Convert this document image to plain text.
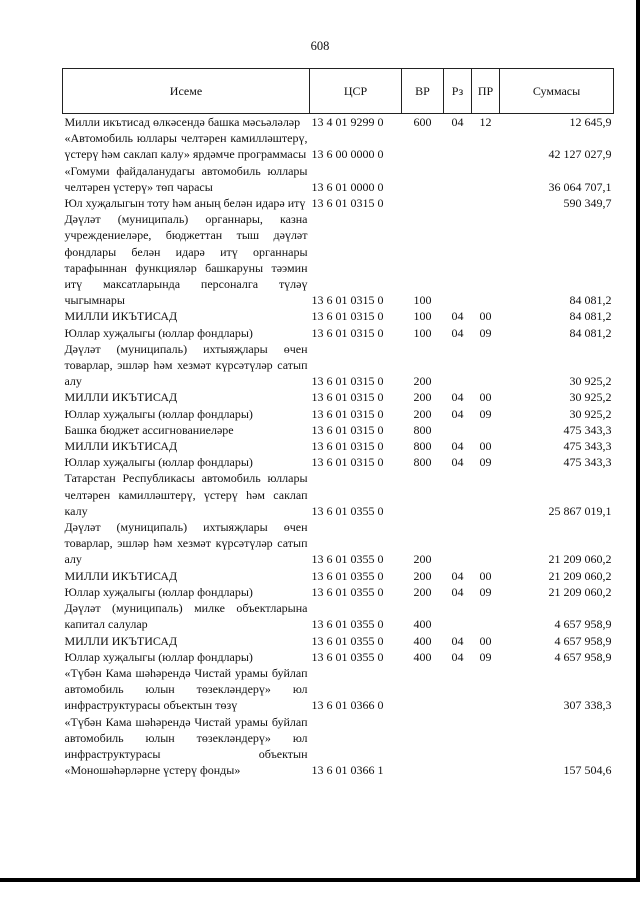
608
Исеме	ЦСР	ВР	Рз	ПР	Суммасы
Милли икътисад өлкәсендә башка мәсьәләләр	13 4 01 9299 0	600	04	12	12 645,9
«Автомобиль юллары челтәрен камиллəштерү, үстерү һəм саклап калу» ярдәмче программасы	13 6 00 0000 0				42 127 027,9
«Гомуми файдаланудагы автомобиль юллары челтәрен үстерү» төп чарасы	13 6 01 0000 0				36 064 707,1
Юл хуҗалыгын тоту һəм аның белән идарә итү	13 6 01 0315 0				590 349,7
Дәүләт (муниципаль) органнары, казна учреждениеләре, бюджеттан тыш дәүләт фондлары белән идарә итү органнары тарафыннан функцияләр башкаруны тәэмин итү максатларында персоналга түләү чыгымнары	13 6 01 0315 0	100			84 081,2
МИЛЛИ ИКЪТИСАД	13 6 01 0315 0	100	04	00	84 081,2
Юллар хуҗалыгы (юллар фондлары)	13 6 01 0315 0	100	04	09	84 081,2
Дәүләт (муниципаль) ихтыяҗлары өчен товарлар, эшләр һәм хезмәт күрсәтүләр сатып алу	13 6 01 0315 0	200			30 925,2
МИЛЛИ ИКЪТИСАД	13 6 01 0315 0	200	04	00	30 925,2
Юллар хуҗалыгы (юллар фондлары)	13 6 01 0315 0	200	04	09	30 925,2
Башка бюджет ассигнованиеләре	13 6 01 0315 0	800			475 343,3
МИЛЛИ ИКЪТИСАД	13 6 01 0315 0	800	04	00	475 343,3
Юллар хуҗалыгы (юллар фондлары)	13 6 01 0315 0	800	04	09	475 343,3
Татарстан Республикасы автомобиль юллары челтәрен камиллəштерү, үстерү һəм саклап калу	13 6 01 0355 0				25 867 019,1
Дәүләт (муниципаль) ихтыяҗлары өчен товарлар, эшләр һәм хезмәт күрсәтүләр сатып алу	13 6 01 0355 0	200			21 209 060,2
МИЛЛИ ИКЪТИСАД	13 6 01 0355 0	200	04	00	21 209 060,2
Юллар хуҗалыгы (юллар фондлары)	13 6 01 0355 0	200	04	09	21 209 060,2
Дәүләт (муниципаль) милке объектларына капитал салулар	13 6 01 0355 0	400			4 657 958,9
МИЛЛИ ИКЪТИСАД	13 6 01 0355 0	400	04	00	4 657 958,9
Юллар хуҗалыгы (юллар фондлары)	13 6 01 0355 0	400	04	09	4 657 958,9
«Түбән Кама шәһәрендә Чистай урамы буйлап автомобиль юлын төзекләндерү» юл инфраструктурасы объектын төзү	13 6 01 0366 0				307 338,3
«Түбән Кама шәһәрендә Чистай урамы буйлап автомобиль юлын төзекләндерү» юл инфраструктурасы объектын «Моношәһәрләрне үстерү фонды»	13 6 01 0366 1				157 504,6
